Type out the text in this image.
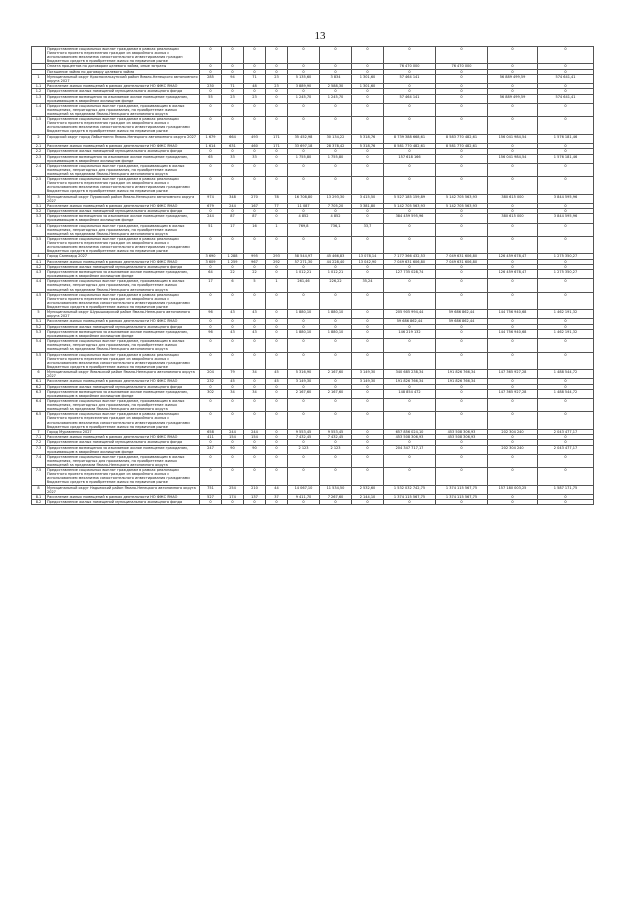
13
	Предоставление социальных выплат гражданам в рамках реализации Пилотного проекта переселения граждан из аварийного жилья с использованием механизма самостоятельного инвестирования граждан бюджетных средств в приобретение жилья на первичном рынке	0	0	0	0	0	0	0	0	0	0	0
	Оплата процентов по договорам целевого займа, иные затраты	0	0	0	0	0	0	0	76 470 000	76 470 000	0	0
	Погашение займа по договору целевого займа	0	0	0	0	0	0	0	0	0	0	0
1	Муниципальный округ Красноселькупский район Ямало-Ненецкого автономного округа 2027	285	94	71	23	5 135,60	3 834	1 301,60	57 464 141	0	56 889 499,59	574 641,41
1.1	Расселение жилых помещений в рамках деятельности НО ФЖС ЯНАО	230	71	48	23	3 889,90	2 588,30	1 301,60	0	0	0	0
1.2	Предоставление жилых помещений муниципального жилищного фонда	0	0	0	0	0	0	0	0	0	0	0
1.3	Предоставление возмещения за изымаемое жилое помещение гражданам, проживающим в аварийном жилищном фонде	55	23	23	0	1 245,70	1 245,70	0	57 464 141	0	56 889 499,59	574 641,41
1.4	Предоставление социальных выплат гражданам, проживающим в жилых помещениях, непригодных для проживания, на приобретение жилых помещений за пределами Ямало-Ненецкого автономного округа	0	0	0	0	0	0	0	0	0	0	0
1.5	Предоставление социальных выплат гражданам в рамках реализации Пилотного проекта переселения граждан из аварийного жилья с использованием механизма самостоятельного инвестирования гражданами бюджетных средств в приобретение жилья на первичном рынке	0	0	0	0	0	0	0	0	0	0	0
2	Городской округ город Лабытнанги Ямало-Ненецкого автономного округа 2027	1 679	664	493	171	35 452,98	30 134,22	5 318,76	8 739 388 668,61	8 583 770 482,61	156 041 984,54	1 576 181,46
2.1	Расселение жилых помещений в рамках деятельности НО ФЖС ЯНАО	1 614	631	460	171	33 697,18	28 378,42	5 318,76	8 581 770 482,61	8 581 770 482,61	0	0
2.2	Предоставление жилых помещений муниципального жилищного фонда	0	0	0	0	0	0	0	0	0	0	0
2.3	Предоставление возмещения за изымаемое жилое помещение гражданам, проживающим в аварийном жилищном фонде	65	33	33	0	1 755,80	1 755,80	0	157 618 166	0	156 041 984,54	1 576 181,46
2.4	Предоставление социальных выплат гражданам, проживающим в жилых помещениях, непригодных для проживания, на приобретение жилых помещений за пределами Ямало-Ненецкого автономного округа	0	0	0	0	0	0	0	0	0	0	0
2.5	Предоставление социальных выплат гражданам в рамках реализации Пилотного проекта переселения граждан из аварийного жилья с использованием механизма самостоятельного инвестирования гражданами бюджетных средств в приобретение жилья на первичном рынке	0	0	0	0	0	0	0	0	0	0	0
3	Муниципальный округ Пуровский район Ямало-Ненецкого автономного округа 2027	974	348	270	78	16 708,80	13 293,30	3 415,50	5 527 185 159,89	5 142 705 563,93	380 615 000	3 844 595,96
3.1	Расселение жилых помещений в рамках деятельности НО ФЖС ЯНАО	679	244	167	77	11 087	7 705,20	3 381,80	5 142 705 563,93	5 142 705 563,93	0	0
3.2	Предоставление жилых помещений муниципального жилищного фонда	0	0	0	0	0	0	0	0	0	0	0
3.3	Предоставление возмещения за изымаемое жилое помещение гражданам, проживающим в аварийном жилищном фонде	244	87	87	0	4 852	4 852	0	384 459 595,96	0	380 615 000	3 844 595,96
3.4	Предоставление социальных выплат гражданам, проживающим в жилых помещениях, непригодных для проживания, на приобретение жилых помещений за пределами Ямало-Ненецкого автономного округа	51	17	16	1	769,8	736,1	33,7	0	0	0	0
3.5	Предоставление социальных выплат гражданам в рамках реализации Пилотного проекта переселения граждан из аварийного жилья с использованием механизма самостоятельного инвестирования гражданами бюджетных средств в приобретение жилья на первичном рынке	0	0	0	0	0	0	0	0	0	0	0
4	Город Салехард 2027	3 690	1 288	995	293	58 544,97	45 466,83	13 078,14	7 177 366 432,53	7 049 631 606,80	126 459 678,47	1 275 350,27
4.1	Расселение жилых помещений в рамках деятельности НО ФЖС ЯНАО	3 609	1 259	967	292	57 271,30	44 228,40	13 042,90	7 049 631 606,80	7 049 631 606,80	0	0
4.2	Предоставление жилых помещений муниципального жилищного фонда	0	0	0	0	0	0	0	0	0	0	0
4.3	Предоставление возмещения за изымаемое жилое помещение гражданам, проживающим в аварийном жилищном фонде	64	22	22	0	1 012,21	1 012,21	0	127 735 028,74	0	126 459 678,47	1 275 350,27
4.4	Предоставление социальных выплат гражданам, проживающим в жилых помещениях, непригодных для проживания, на приобретение жилых помещений за пределами Ямало-Ненецкого автономного округа	17	6	5	1	261,46	226,22	35,24	0	0	0	0
4.5	Предоставление социальных выплат гражданам в рамках реализации Пилотного проекта переселения граждан из аварийного жилья с использованием механизма самостоятельного инвестирования гражданами бюджетных средств в приобретение жилья на первичном рынке	0	0	0	0	0	0	0	0	0	0	0
5	Муниципальный округ Шурышкарский район Ямало-Ненецкого автономного округа 2027	96	43	43	0	1 880,10	1 880,10	0	205 905 994,44	59 686 862,44	144 756 940,68	1 462 191,32
5.1	Расселение жилых помещений в рамках деятельности НО ФЖС ЯНАО	0	0	0	0	0	0	0	59 686 862,44	59 686 862,44	0	0
5.2	Предоставление жилых помещений муниципального жилищного фонда	0	0	0	0	0	0	0	0	0	0	0
5.3	Предоставление возмещения за изымаемое жилое помещение гражданам, проживающим в аварийном жилищном фонде	96	43	43	0	1 880,10	1 880,10	0	146 219 132	0	144 756 940,68	1 462 191,32
5.4	Предоставление социальных выплат гражданам, проживающим в жилых помещениях, непригодных для проживания, на приобретение жилых помещений за пределами Ямало-Ненецкого автономного округа	0	0	0	0	0	0	0	0	0	0	0
5.5	Предоставление социальных выплат гражданам в рамках реализации Пилотного проекта переселения граждан из аварийного жилья с использованием механизма самостоятельного инвестирования гражданами бюджетных средств в приобретение жилья на первичном рынке	0	0	0	0	0	0	0	0	0	0	0
6	Муниципальный округ Ямальский район Ямало-Ненецкого автономного округа 2027	204	79	34	45	5 316,90	2 167,60	3 149,30	340 685 238,34	191 826 766,34	147 365 927,28	1 488 544,72
6.1	Расселение жилых помещений в рамках деятельности НО ФЖС ЯНАО	232	45	0	45	3 149,30	0	3 149,30	191 826 766,34	191 826 766,34	0	0
6.2	Предоставление жилых помещений муниципального жилищного фонда	0	0	0	0	0	0	0	0	0	0	0
6.3	Предоставление возмещения за изымаемое жилое помещение гражданам, проживающим в аварийном жилищном фонде	302	34	34	0	2 167,60	2 167,60	0	148 854 472	0	147 365 927,28	1 488 544,72
6.4	Предоставление социальных выплат гражданам, проживающим в жилых помещениях, непригодных для проживания, на приобретение жилых помещений за пределами Ямало-Ненецкого автономного округа	0	0	0	0	0	0	0	0	0	0	0
6.5	Предоставление социальных выплат гражданам в рамках реализации Пилотного проекта переселения граждан из аварийного жилья с использованием механизма самостоятельного инвестирования гражданами бюджетных средств в приобретение жилья на первичном рынке	0	0	0	0	0	0	0	0	0	0	0
7	Город Муравленко 2027	658	244	244	0	9 553,45	9 553,45	0	657 856 024,10	453 508 306,93	202 304 240	2 043 477,17
7.1	Расселение жилых помещений в рамках деятельности НО ФЖС ЯНАО	411	154	154	0	7 432,45	7 432,45	0	453 508 306,93	453 508 306,93	0	0
7.2	Предоставление жилых помещений муниципального жилищного фонда	0	0	0	0	0	0	0	0	0	0	0
7.3	Предоставление возмещения за изымаемое жилое помещение гражданам, проживающим в аварийном жилищном фонде	247	90	90	0	2 123	2 123	0	204 347 717,17	0	202 304 240	2 043 477,17
7.4	Предоставление социальных выплат гражданам, проживающим в жилых помещениях, непригодных для проживания, на приобретение жилых помещений за пределами Ямало-Ненецкого автономного округа	0	0	0	0	0	0	0	0	0	0	0
7.5	Предоставление социальных выплат гражданам в рамках реализации Пилотного проекта переселения граждан из аварийного жилья с использованием механизма самостоятельного инвестирования гражданами бюджетных средств в приобретение жилья на первичном рынке	0	0	0	0	0	0	0	0	0	0	0
8	Муниципальный округ Надымский район Ямало-Ненецкого автономного округа 2027	751	254	210	44	14 067,10	11 534,50	2 532,60	1 532 032 742,75	1 374 115 567,75	157 180 003,25	1 587 171,75
8.1	Расселение жилых помещений в рамках деятельности НО ФЖС ЯНАО	527	174	137	37	9 411,70	7 267,60	2 144,10	1 374 115 567,75	1 374 115 567,75	0	0
8.2	Предоставление жилых помещений муниципального жилищного фонда	0	0	0	0	0	0	0	0	0	0	0
